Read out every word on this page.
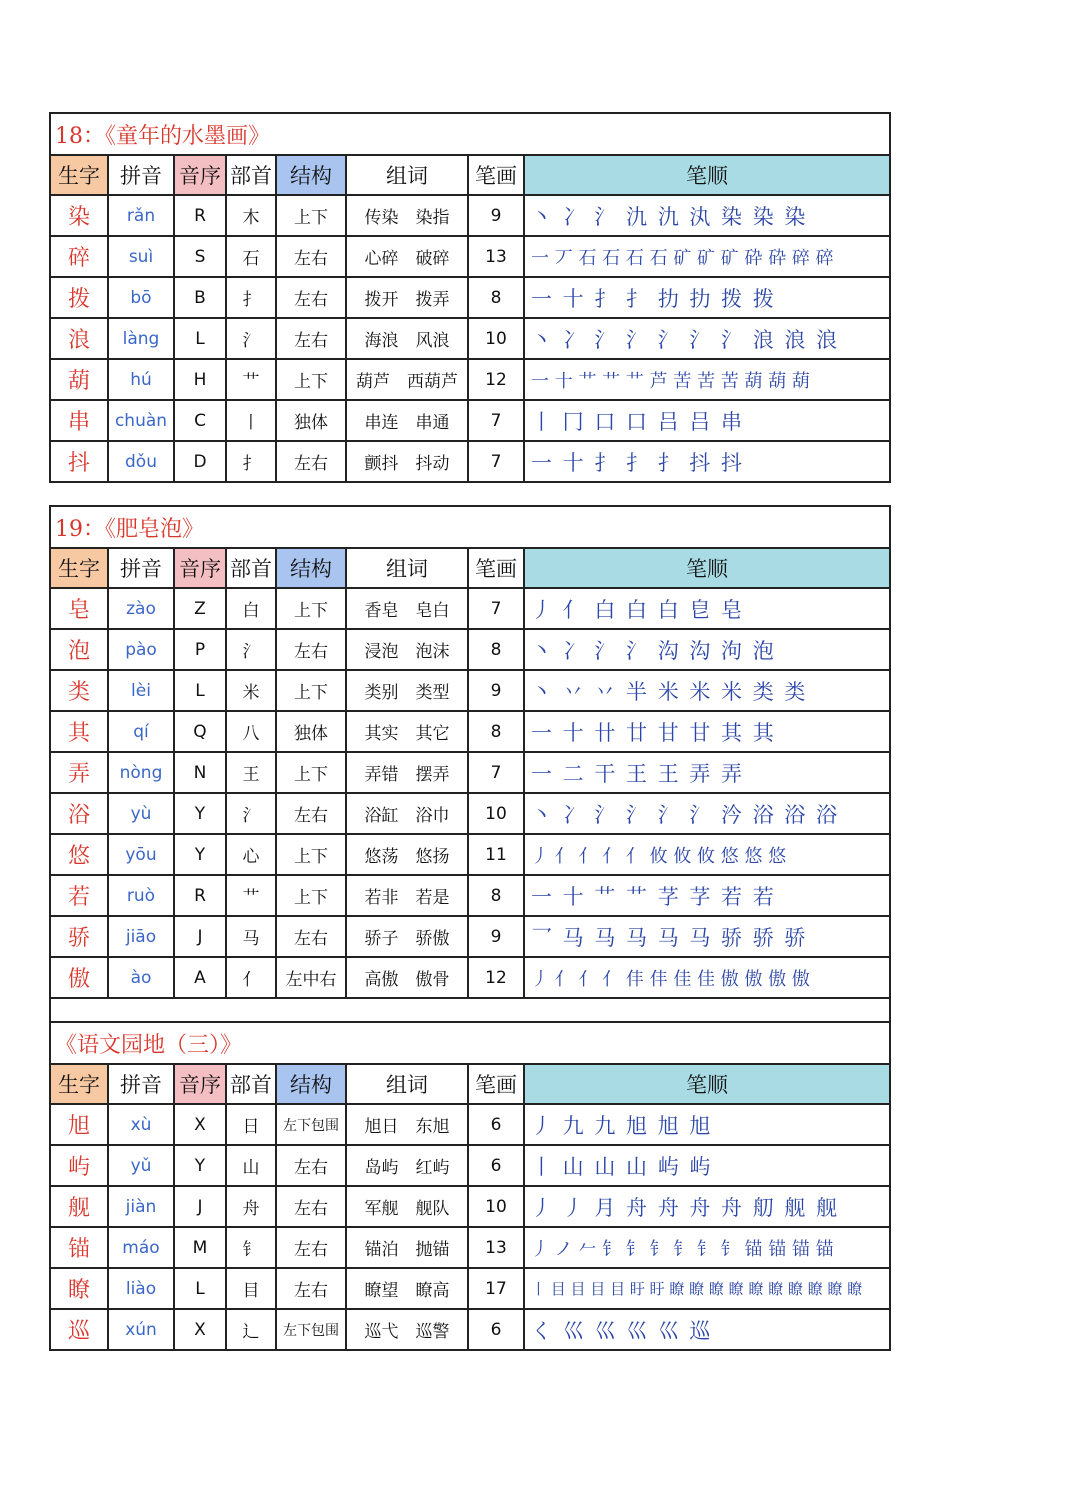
18：《童年的水墨画》							
生字	拼音	音序	部首	结构	组词	笔画	笔顺
染	rǎn	R	木	上下	传染　染指	9	丶 冫 氵 氿 氿 汍 染 染 染
碎	suì	S	石	左右	心碎　破碎	13	一 丆 石 石 石 石 矿 矿 矿 砕 砕 碎 碎
拨	bō	B	扌	左右	拨开　拨弄	8	一 十 扌 扌 扐 扐 拨 拨
浪	làng	L	氵	左右	海浪　风浪	10	丶 冫 氵 氵 氵 氵 氵 浪 浪 浪
葫	hú	H	艹	上下	葫芦　西葫芦	12	一 十 艹 艹 艹 芦 苦 苦 苦 葫 葫 葫
串	chuàn	C	丨	独体	串连　串通	7	丨 冂 口 口 吕 吕 串
抖	dǒu	D	扌	左右	颤抖　抖动	7	一 十 扌 扌 扌 抖 抖
19：《肥皂泡》							
生字	拼音	音序	部首	结构	组词	笔画	笔顺
皂	zào	Z	白	上下	香皂　皂白	7	丿 亻 白 白 白 皀 皂
泡	pào	P	氵	左右	浸泡　泡沫	8	丶 冫 氵 氵 沟 沟 泃 泡
类	lèi	L	米	上下	类别　类型	9	丶 丷 丷 半 米 米 米 类 类
其	qí	Q	八	独体	其实　其它	8	一 十 卄 廿 甘 甘 其 其
弄	nòng	N	王	上下	弄错　摆弄	7	一 二 干 王 王 弄 弄
浴	yù	Y	氵	左右	浴缸　浴巾	10	丶 冫 氵 氵 氵 氵 汵 浴 浴 浴
悠	yōu	Y	心	上下	悠荡　悠扬	11	丿 亻 亻 亻 亻 攸 攸 攸 悠 悠 悠
若	ruò	R	艹	上下	若非　若是	8	一 十 艹 艹 芓 芓 若 若
骄	jiāo	J	马	左右	骄子　骄傲	9	乛 马 马 马 马 马 骄 骄 骄
傲	ào	A	亻	左中右	高傲　傲骨	12	丿 亻 亻 亻 仹 仹 佳 佳 傲 傲 傲 傲

《语文园地（三）》							
生字	拼音	音序	部首	结构	组词	笔画	笔顺
旭	xù	X	日	左下包围	旭日　东旭	6	丿 九 九 旭 旭 旭
屿	yǔ	Y	山	左右	岛屿　红屿	6	丨 山 山 山 屿 屿
舰	jiàn	J	舟	左右	军舰　舰队	10	丿 丿 月 舟 舟 舟 舟 舠 舰 舰
锚	máo	M	钅	左右	锚泊　抛锚	13	丿 ノ 𠂉 钅 钅 钅 钅 钅 钅 锚 锚 锚 锚
瞭	liào	L	目	左右	瞭望　瞭高	17	丨 目 目 目 目 盱 盱 瞭 瞭 瞭 瞭 瞭 瞭 瞭 瞭 瞭 瞭
巡	xún	X	辶	左下包围	巡弋　巡警	6	く 巛 巛 巛 巛 巡
